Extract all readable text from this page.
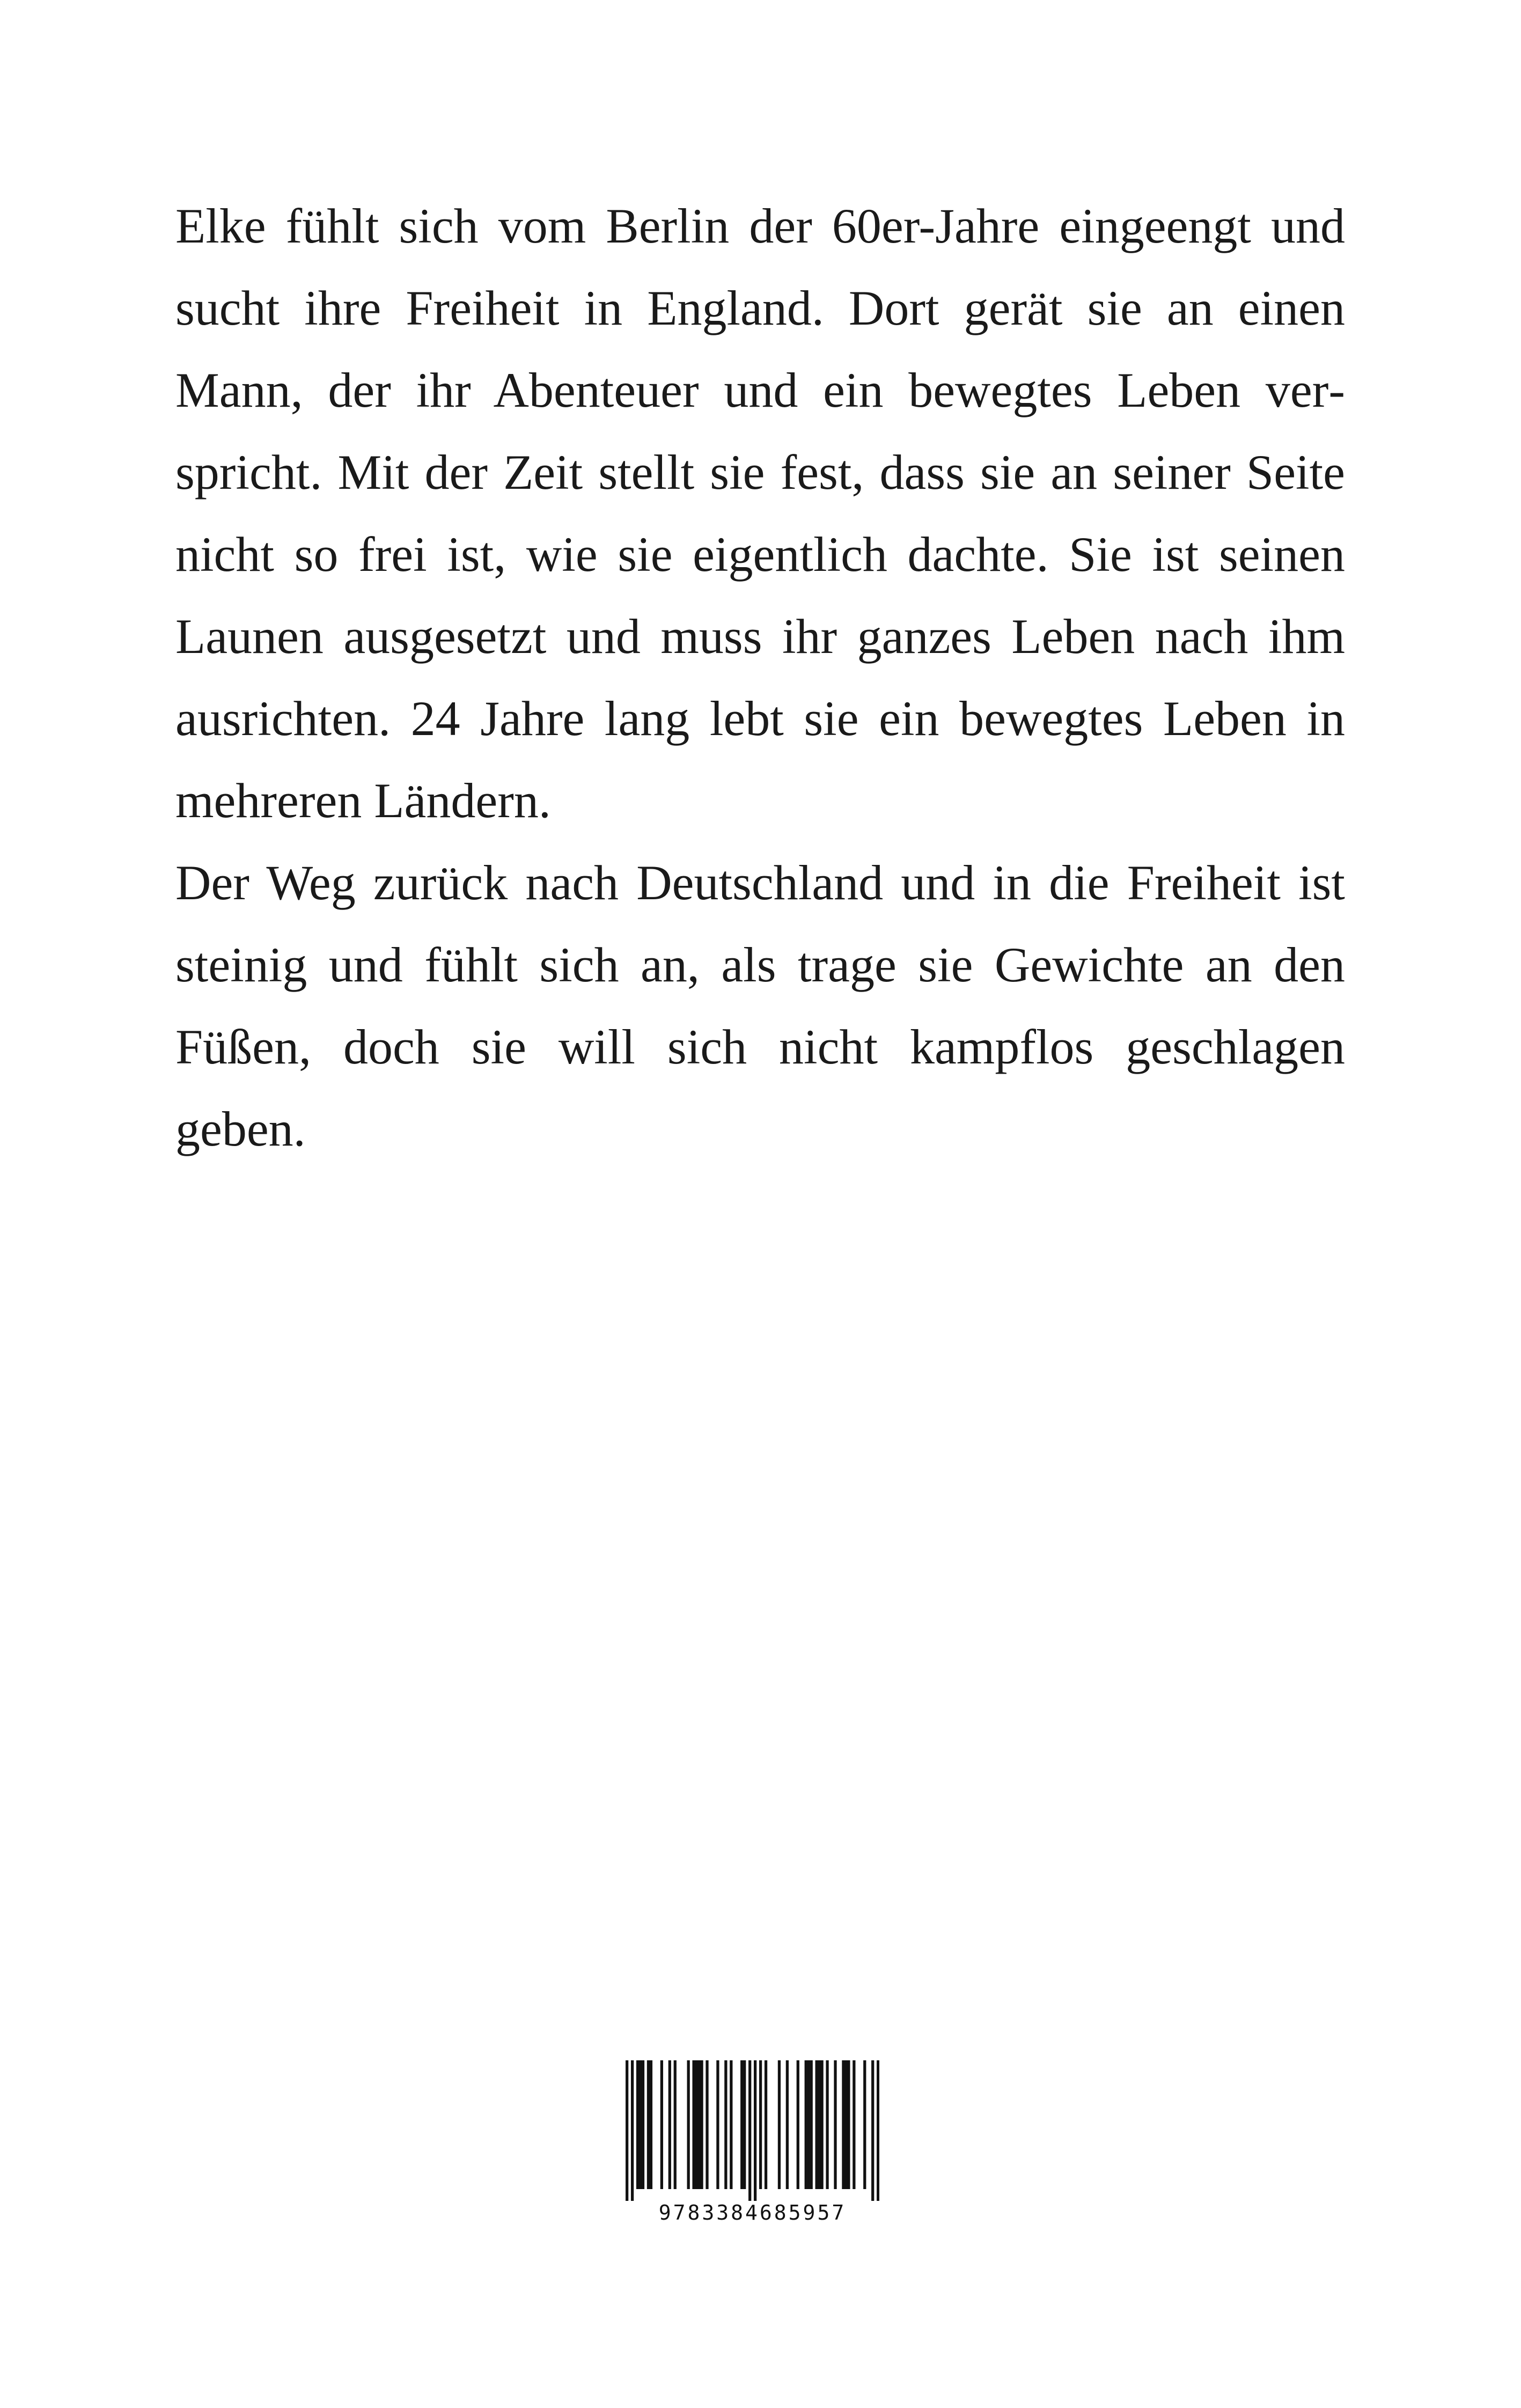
Elke fühlt sich vom Berlin der 60er-Jahre eingeengt und sucht ihre Freiheit in England. Dort gerät sie an einen Mann, der ihr Abenteuer und ein bewegtes Leben verspricht. Mit der Zeit stellt sie fest, dass sie an seiner Seite nicht so frei ist, wie sie eigentlich dachte. Sie ist seinen Launen ausgesetzt und muss ihr ganzes Leben nach ihm ausrichten. 24 Jahre lang lebt sie ein bewegtes Leben in mehreren Ländern.

Der Weg zurück nach Deutschland und in die Freiheit ist steinig und fühlt sich an, als trage sie Gewichte an den Füßen, doch sie will sich nicht kampflos geschlagen geben.

9783384685957
